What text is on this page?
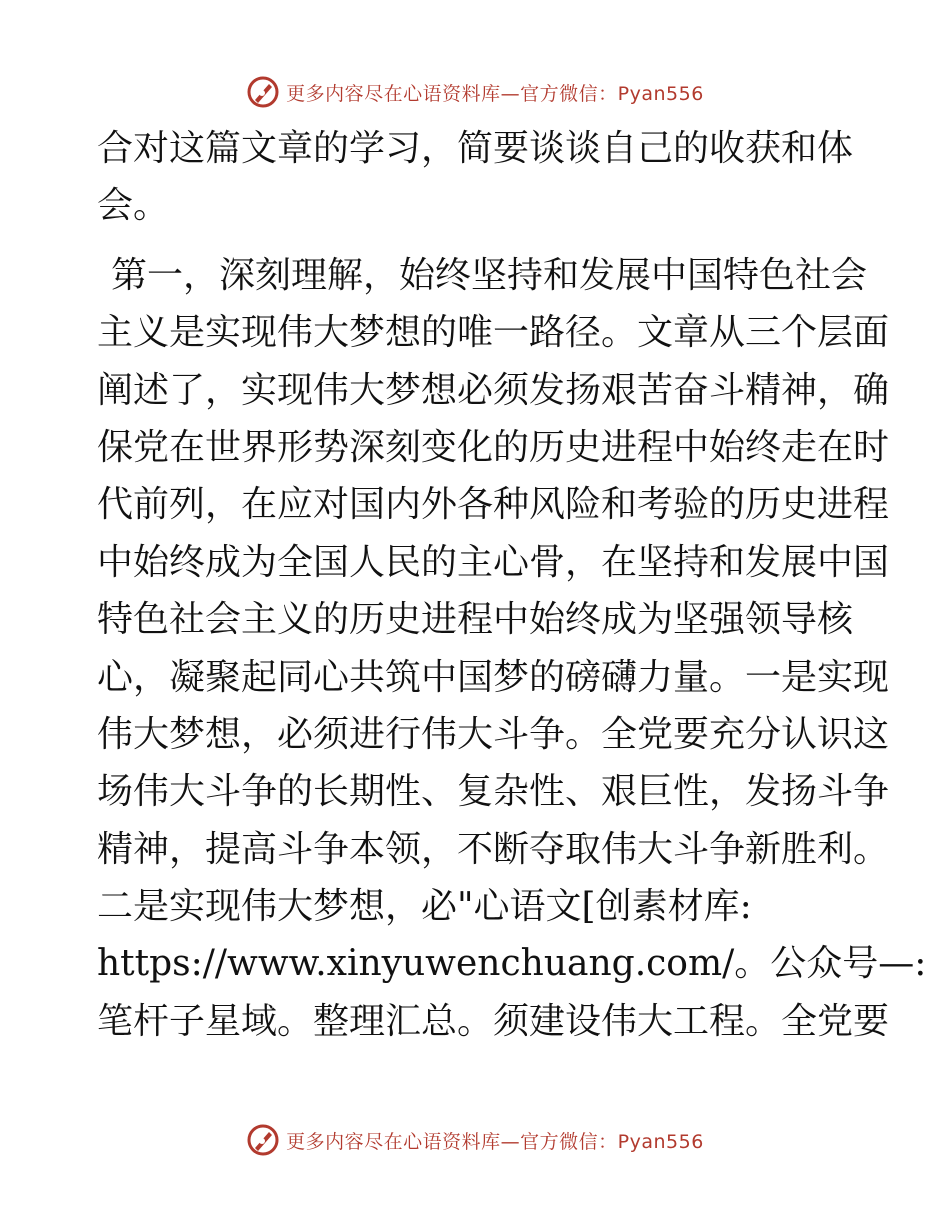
更多内容尽在心语资料库—官方微信：Pyan556
合对这篇文章的学习，简要谈谈自己的收获和体
会。
第一，深刻理解，始终坚持和发展中国特色社会
主义是实现伟大梦想的唯一路径。文章从三个层面
阐述了，实现伟大梦想必须发扬艰苦奋斗精神，确
保党在世界形势深刻变化的历史进程中始终走在时
代前列，在应对国内外各种风险和考验的历史进程
中始终成为全国人民的主心骨，在坚持和发展中国
特色社会主义的历史进程中始终成为坚强领导核
心，凝聚起同心共筑中国梦的磅礴力量。一是实现
伟大梦想，必须进行伟大斗争。全党要充分认识这
场伟大斗争的长期性、复杂性、艰巨性，发扬斗争
精神，提高斗争本领，不断夺取伟大斗争新胜利。
二是实现伟大梦想，必"心语文[创素材库:
https://www.xinyuwenchuang.com/。公众号—:
笔杆子星域。整理汇总。须建设伟大工程。全党要
更多内容尽在心语资料库—官方微信：Pyan556
